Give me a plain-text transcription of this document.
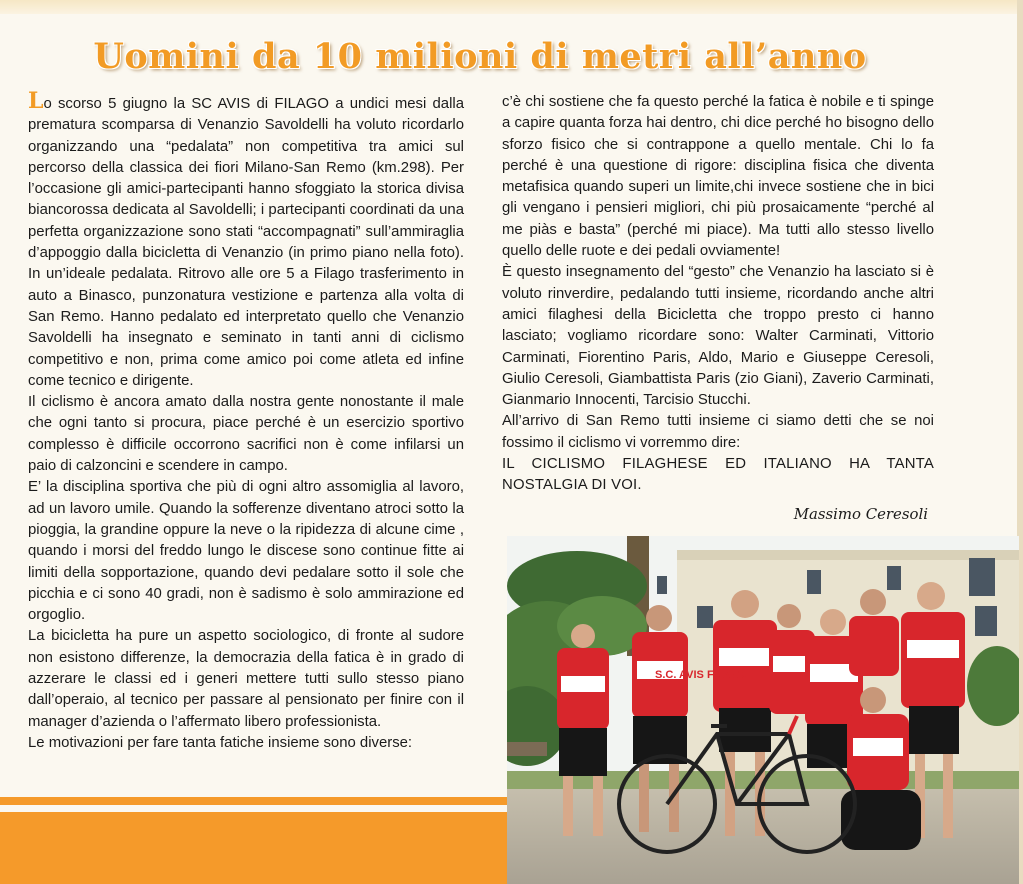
Uomini da 10 milioni di metri all’anno

Lo scorso 5 giugno la SC AVIS di FILAGO a undici mesi dalla prematura scomparsa di Venanzio Savoldelli ha voluto ricordarlo organizzando una “pedalata” non competitiva tra amici sul percorso della classica dei fiori Milano-San Remo (km.298). Per l’occasione gli amici-partecipanti hanno sfoggiato la storica divisa biancorossa dedicata al Savoldelli; i partecipanti coordinati da una perfetta organizzazione sono stati “accompagnati” sull’ammiraglia d’appoggio dalla bicicletta di Venanzio (in primo piano nella foto). In un’ideale pedalata. Ritrovo alle ore 5 a Filago trasferimento in auto a Binasco, punzonatura vestizione e partenza alla volta di San Remo. Hanno pedalato ed interpretato quello che Venanzio Savoldelli ha insegnato e seminato in tanti anni di ciclismo competitivo e non, prima come amico poi come atleta ed infine come tecnico e dirigente.

Il ciclismo è ancora amato dalla nostra gente nonostante il male che ogni tanto si procura, piace perché è un esercizio sportivo complesso è difficile occorrono sacrifici non è come infilarsi un paio di calzoncini e scendere in campo.

E’ la disciplina sportiva che più di ogni altro assomiglia al lavoro, ad un lavoro umile. Quando la sofferenze diventano atroci sotto la pioggia, la grandine oppure la neve o la ripidezza di alcune cime , quando i morsi del freddo lungo le discese sono continue fitte ai limiti della sopportazione, quando devi pedalare sotto il sole che picchia e ci sono 40 gradi, non è sadismo è solo ammirazione ed orgoglio.

La bicicletta ha pure un aspetto sociologico, di fronte al sudore non esistono differenze, la democrazia della fatica è in grado di azzerare le classi ed i generi mettere tutti sullo stesso piano dall’operaio, al tecnico per passare al pensionato per finire con il manager d’azienda o l’affermato libero professionista.

Le motivazioni per fare tanta fatiche insieme sono diverse:

c’è chi sostiene che fa questo perché la fatica è nobile e ti spinge a capire quanta forza hai dentro, chi dice perché ho bisogno dello sforzo fisico che si contrappone a quello mentale. Chi lo fa perché è una questione di rigore: disciplina fisica che diventa metafisica quando superi un limite,chi invece sostiene che in bici gli vengano i pensieri migliori, chi più prosaicamente “perché al me piàs e basta” (perché mi piace). Ma tutti allo stesso livello quello delle ruote e dei pedali ovviamente!

È questo insegnamento del “gesto” che Venanzio ha lasciato si è voluto rinverdire, pedalando tutti insieme, ricordando anche altri amici filaghesi della Bicicletta che troppo presto ci hanno lasciato; vogliamo ricordare sono: Walter Carminati, Vittorio Carminati, Fiorentino Paris, Aldo, Mario e Giuseppe Ceresoli, Giulio Ceresoli, Giambattista Paris (zio Giani), Zaverio Carminati, Gianmario Innocenti, Tarcisio Stucchi.

All’arrivo di San Remo tutti insieme ci siamo detti che se noi fossimo il ciclismo vi vorremmo dire:

IL CICLISMO FILAGHESE ED ITALIANO HA TANTA NOSTALGIA DI VOI.

Massimo Ceresoli

S.C. AVIS FILAGO
